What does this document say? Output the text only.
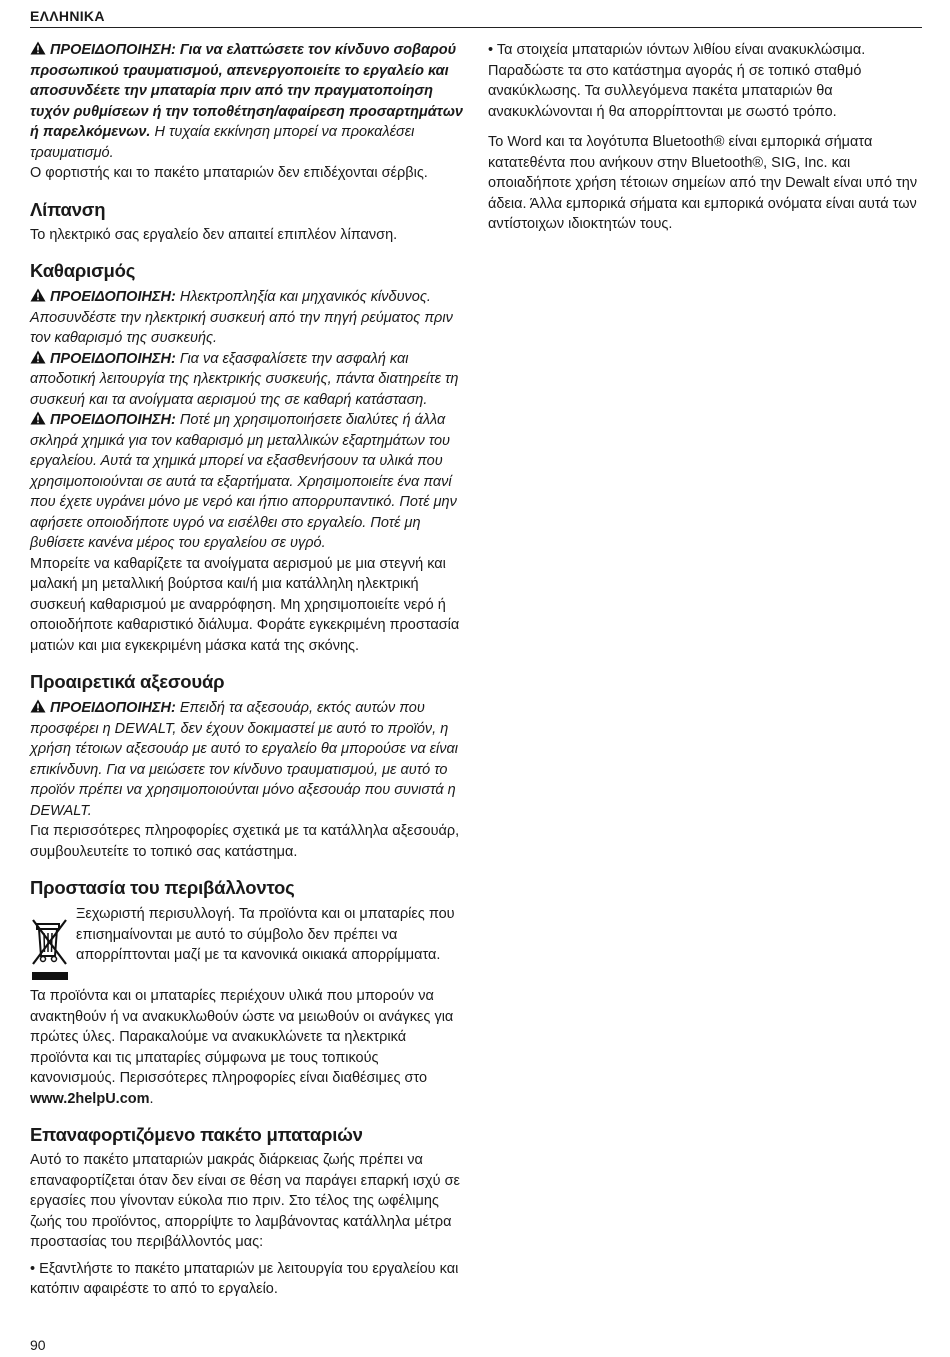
ΕΛΛΗΝΙΚΑ

ΠΡΟΕΙΔΟΠΟΙΗΣΗ: Για να ελαττώσετε τον κίνδυνο σοβαρού προσωπικού τραυματισμού, απενεργοποιείτε το εργαλείο και αποσυνδέετε την μπαταρία πριν από την πραγματοποίηση τυχόν ρυθμίσεων ή την τοποθέτηση/αφαίρεση προσαρτημάτων ή παρελκόμενων. Η τυχαία εκκίνηση μπορεί να προκαλέσει τραυματισμό.

Ο φορτιστής και το πακέτο μπαταριών δεν επιδέχονται σέρβις.

Λίπανση

Το ηλεκτρικό σας εργαλείο δεν απαιτεί επιπλέον λίπανση.

Καθαρισμός

ΠΡΟΕΙΔΟΠΟΙΗΣΗ: Ηλεκτροπληξία και μηχανικός κίνδυνος. Αποσυνδέστε την ηλεκτρική συσκευή από την πηγή ρεύματος πριν τον καθαρισμό της συσκευής.

ΠΡΟΕΙΔΟΠΟΙΗΣΗ: Για να εξασφαλίσετε την ασφαλή και αποδοτική λειτουργία της ηλεκτρικής συσκευής, πάντα διατηρείτε τη συσκευή και τα ανοίγματα αερισμού της σε καθαρή κατάσταση.

ΠΡΟΕΙΔΟΠΟΙΗΣΗ: Ποτέ μη χρησιμοποιήσετε διαλύτες ή άλλα σκληρά χημικά για τον καθαρισμό μη μεταλλικών εξαρτημάτων του εργαλείου. Αυτά τα χημικά μπορεί να εξασθενήσουν τα υλικά που χρησιμοποιούνται σε αυτά τα εξαρτήματα. Χρησιμοποιείτε ένα πανί που έχετε υγράνει μόνο με νερό και ήπιο απορρυπαντικό. Ποτέ μην αφήσετε οποιοδήποτε υγρό να εισέλθει στο εργαλείο. Ποτέ μη βυθίσετε κανένα μέρος του εργαλείου σε υγρό.

Μπορείτε να καθαρίζετε τα ανοίγματα αερισμού με μια στεγνή και μαλακή μη μεταλλική βούρτσα και/ή μια κατάλληλη ηλεκτρική συσκευή καθαρισμού με αναρρόφηση. Μη χρησιμοποιείτε νερό ή οποιοδήποτε καθαριστικό διάλυμα. Φοράτε εγκεκριμένη προστασία ματιών και μια εγκεκριμένη μάσκα κατά της σκόνης.

Προαιρετικά αξεσουάρ

ΠΡΟΕΙΔΟΠΟΙΗΣΗ: Επειδή τα αξεσουάρ, εκτός αυτών που προσφέρει η DEWALT, δεν έχουν δοκιμαστεί με αυτό το προϊόν, η χρήση τέτοιων αξεσουάρ με αυτό το εργαλείο θα μπορούσε να είναι επικίνδυνη. Για να μειώσετε τον κίνδυνο τραυματισμού, με αυτό το προϊόν πρέπει να χρησιμοποιούνται μόνο αξεσουάρ που συνιστά η DEWALT.

Για περισσότερες πληροφορίες σχετικά με τα κατάλληλα αξεσουάρ, συμβουλευτείτε το τοπικό σας κατάστημα.

Προστασία του περιβάλλοντος

Ξεχωριστή περισυλλογή. Τα προϊόντα και οι μπαταρίες που επισημαίνονται με αυτό το σύμβολο δεν πρέπει να απορρίπτονται μαζί με τα κανονικά οικιακά απορρίμματα.

Τα προϊόντα και οι μπαταρίες περιέχουν υλικά που μπορούν να ανακτηθούν ή να ανακυκλωθούν ώστε να μειωθούν οι ανάγκες για πρώτες ύλες. Παρακαλούμε να ανακυκλώνετε τα ηλεκτρικά προϊόντα και τις μπαταρίες σύμφωνα με τους τοπικούς κανονισμούς. Περισσότερες πληροφορίες είναι διαθέσιμες στο www.2helpU.com.

Επαναφορτιζόμενο πακέτο μπαταριών

Αυτό το πακέτο μπαταριών μακράς διάρκειας ζωής πρέπει να επαναφορτίζεται όταν δεν είναι σε θέση να παράγει επαρκή ισχύ σε εργασίες που γίνονταν εύκολα πιο πριν. Στο τέλος της ωφέλιμης ζωής του προϊόντος, απορρίψτε το λαμβάνοντας κατάλληλα μέτρα προστασίας του περιβάλλοντός μας:

• Εξαντλήστε το πακέτο μπαταριών με λειτουργία του εργαλείου και κατόπιν αφαιρέστε το από το εργαλείο.

• Τα στοιχεία μπαταριών ιόντων λιθίου είναι ανακυκλώσιμα. Παραδώστε τα στο κατάστημα αγοράς ή σε τοπικό σταθμό ανακύκλωσης. Τα συλλεγόμενα πακέτα μπαταριών θα ανακυκλώνονται ή θα απορρίπτονται με σωστό τρόπο.

Το Word και τα λογότυπα Bluetooth® είναι εμπορικά σήματα κατατεθέντα που ανήκουν στην Bluetooth®, SIG, Inc. και οποιαδήποτε χρήση τέτοιων σημείων από την Dewalt είναι υπό την άδεια. Άλλα εμπορικά σήματα και εμπορικά ονόματα είναι αυτά των αντίστοιχων ιδιοκτητών τους.

90
